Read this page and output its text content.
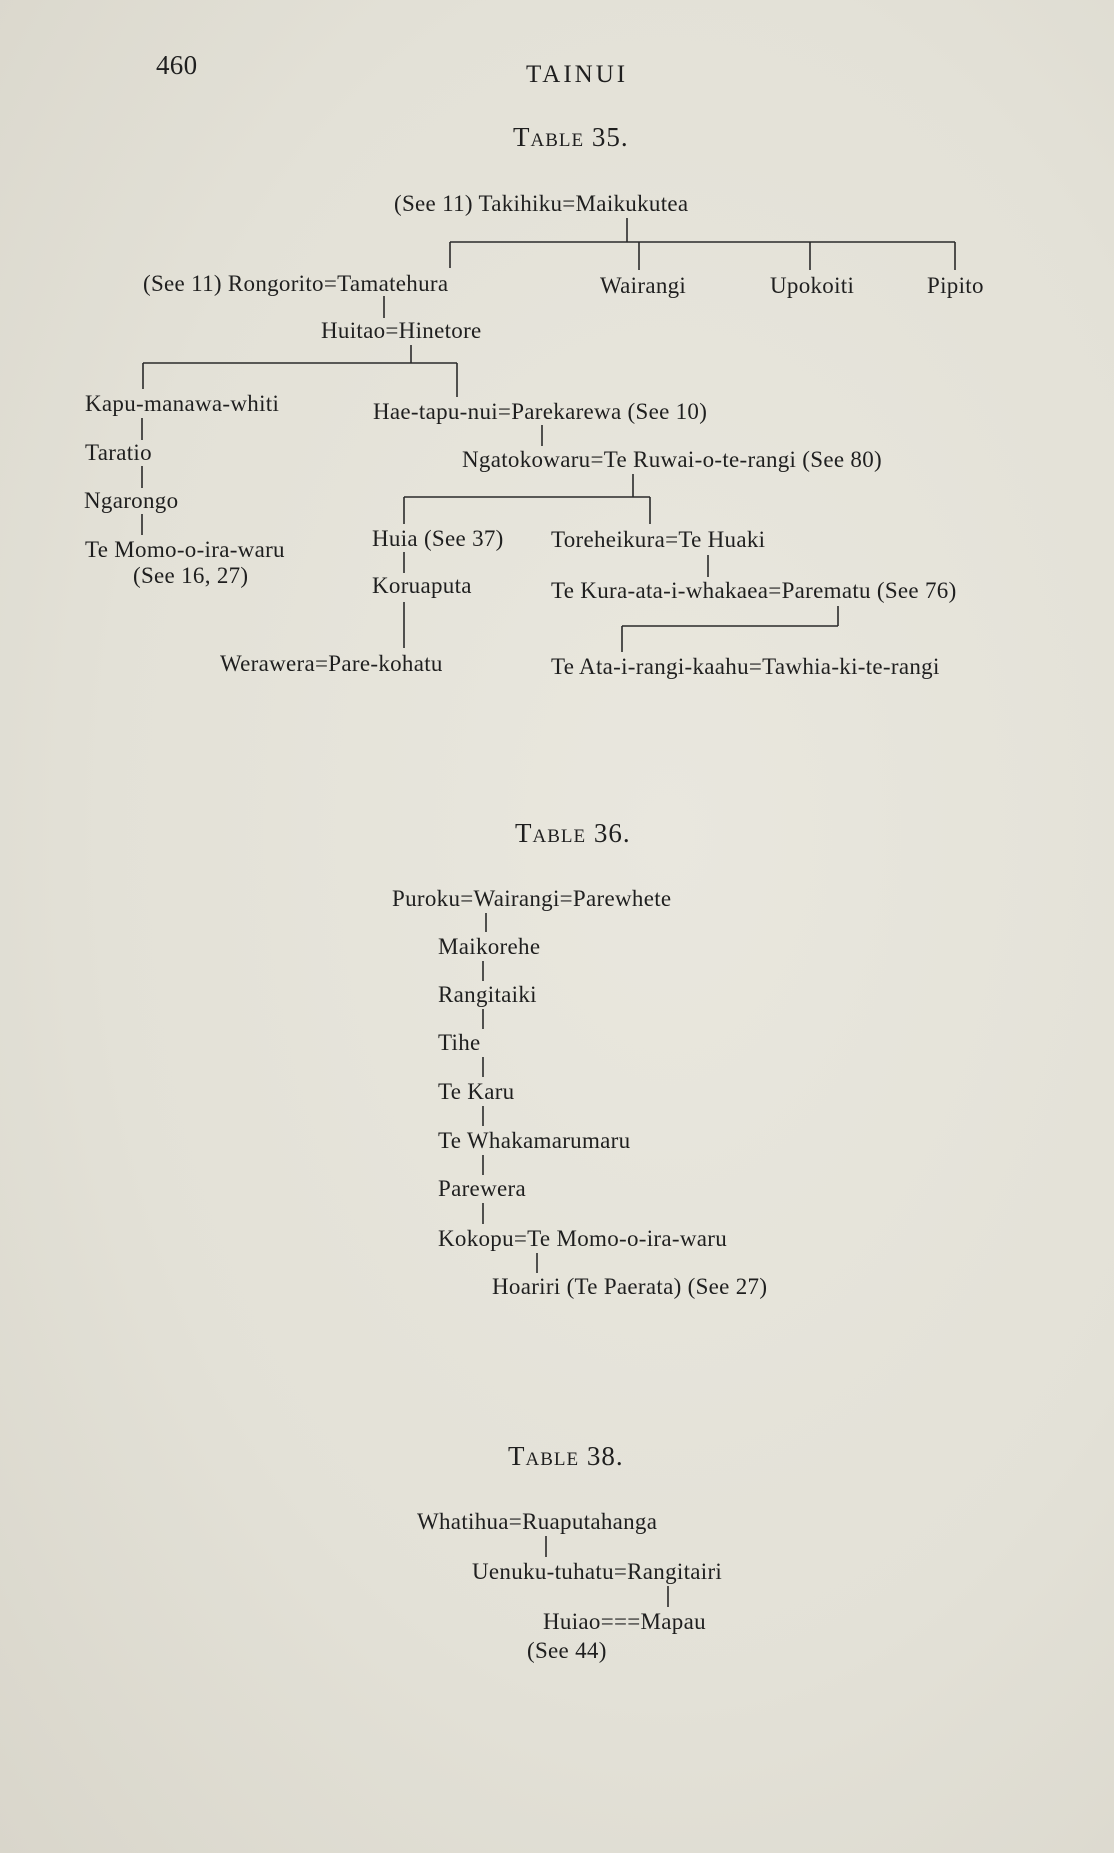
460	TAINUI
Table 35.
(See 11) Takihiku=Maikukutea
(See 11) Rongorito=Tamatehura	Wairangi	Upokoiti	Pipito
Huitao=Hinetore
Kapu-manawa-whiti	Hae-tapu-nui=Parekarewa (See 10)
Taratio	Ngatokowaru=Te Ruwai-o-te-rangi (See 80)
Ngarongo
Huia (See 37) Toreheikura=Te Huaki
Te Momo-o-ira-waru
(See 16, 27)	Koruaputa	Te Kura-ata-i-whakaea=Parematu (See 76)
Werawera=Pare-kohatu	Te Ata-i-rangi-kaahu=Tawhia-ki-te-rangi
Table 36.
Puroku=Wairangi=Parewhete
Maikorehe
Rangitaiki
Tihe
Te Karu
Te Whakamarumaru
Parewera
Kokopu=Te Momo-o-ira-waru
Hoariri (Te Paerata) (See 27)
Table 38.
Whatihua=Ruaputahanga
Uenuku-tuhatu=Rangitairi
Huiao===Mapau
(See 44)
